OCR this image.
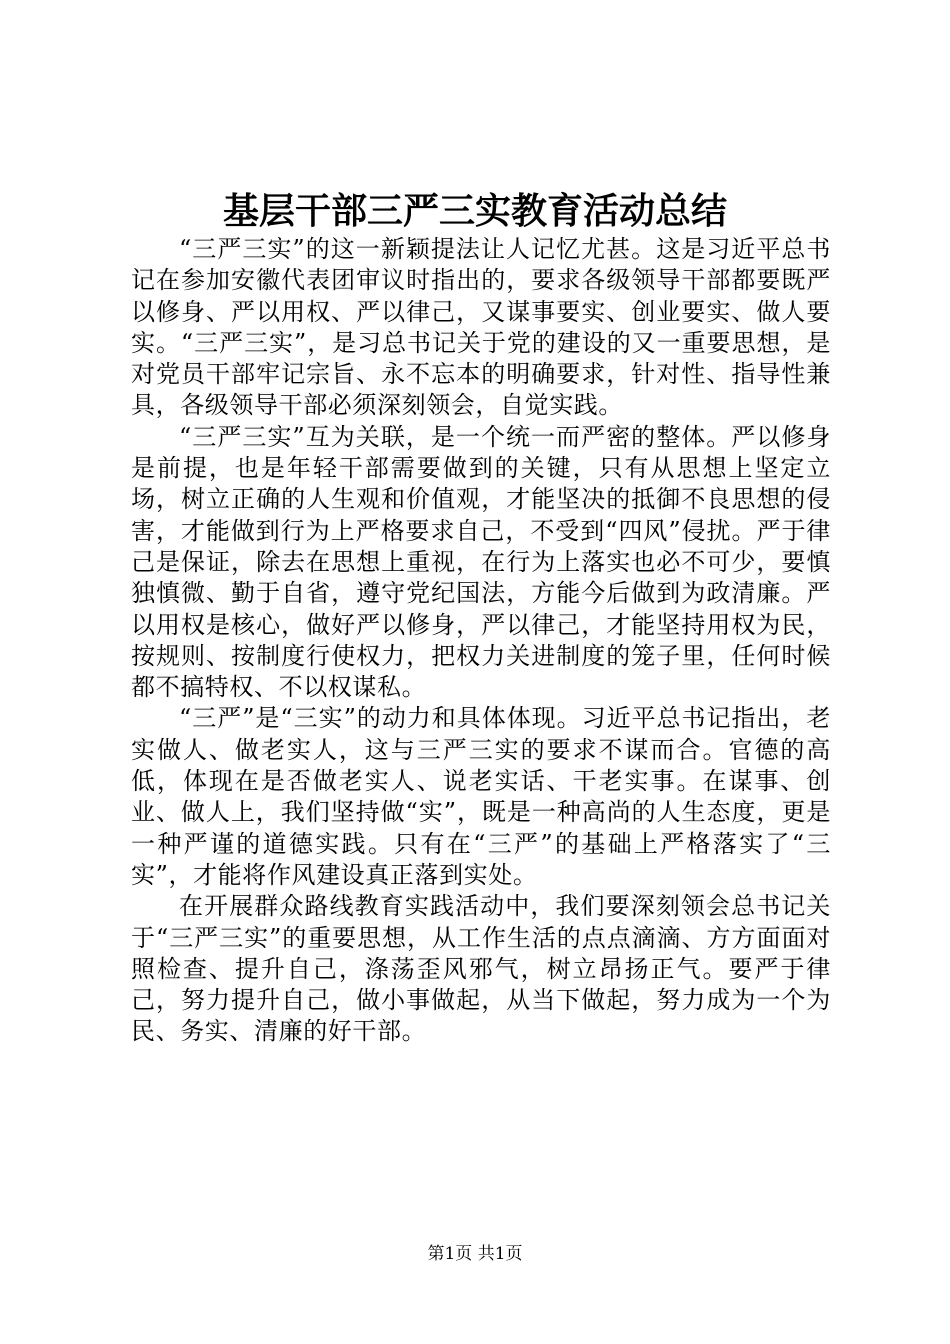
基层干部三严三实教育活动总结

“三严三实”的这一新颖提法让人记忆尤甚。这是习近平总书记在参加安徽代表团审议时指出的，要求各级领导干部都要既严以修身、严以用权、严以律己，又谋事要实、创业要实、做人要实。“三严三实”，是习总书记关于党的建设的又一重要思想，是对党员干部牢记宗旨、永不忘本的明确要求，针对性、指导性兼具，各级领导干部必须深刻领会，自觉实践。

“三严三实”互为关联，是一个统一而严密的整体。严以修身是前提，也是年轻干部需要做到的关键，只有从思想上坚定立场，树立正确的人生观和价值观，才能坚决的抵御不良思想的侵害，才能做到行为上严格要求自己，不受到“四风”侵扰。严于律己是保证，除去在思想上重视，在行为上落实也必不可少，要慎独慎微、勤于自省，遵守党纪国法，方能今后做到为政清廉。严以用权是核心，做好严以修身，严以律己，才能坚持用权为民，按规则、按制度行使权力，把权力关进制度的笼子里，任何时候都不搞特权、不以权谋私。

“三严”是“三实”的动力和具体体现。习近平总书记指出，老实做人、做老实人，这与三严三实的要求不谋而合。官德的高低，体现在是否做老实人、说老实话、干老实事。在谋事、创业、做人上，我们坚持做“实”，既是一种高尚的人生态度，更是一种严谨的道德实践。只有在“三严”的基础上严格落实了“三实”，才能将作风建设真正落到实处。

在开展群众路线教育实践活动中，我们要深刻领会总书记关于“三严三实”的重要思想，从工作生活的点点滴滴、方方面面对照检查、提升自己，涤荡歪风邪气，树立昂扬正气。要严于律己，努力提升自己，做小事做起，从当下做起，努力成为一个为民、务实、清廉的好干部。

第1页 共1页
